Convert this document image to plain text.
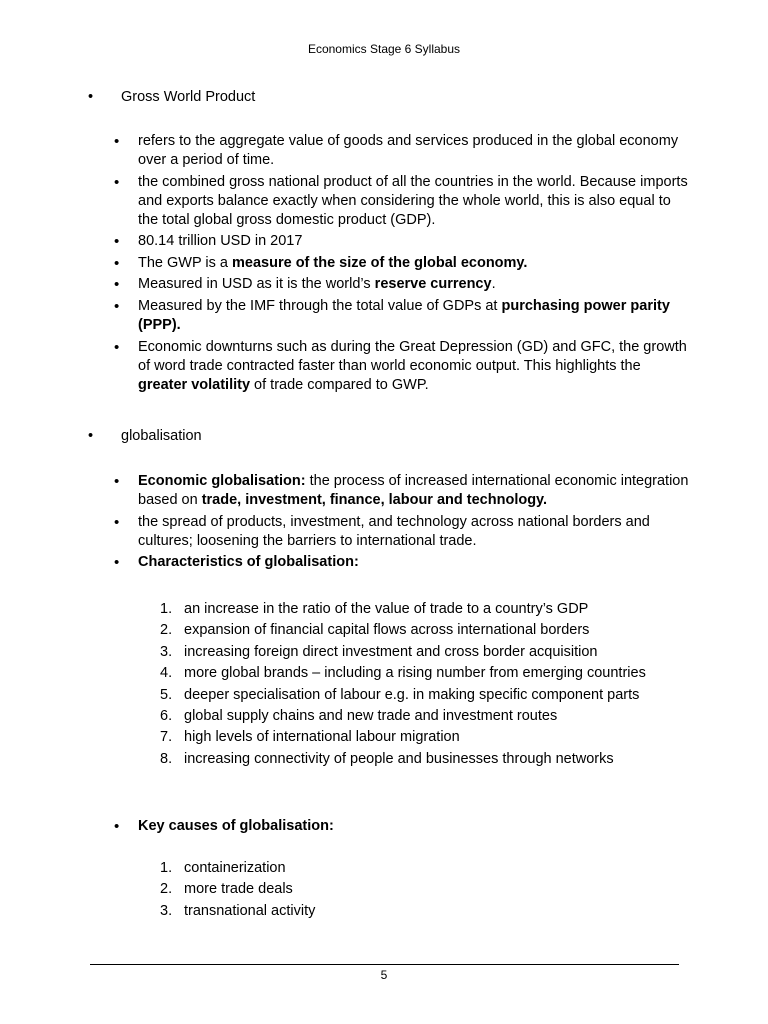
Economics Stage 6 Syllabus
• Gross World Product
• refers to the aggregate value of goods and services produced in the global economy over a period of time.
• the combined gross national product of all the countries in the world. Because imports and exports balance exactly when considering the whole world, this is also equal to the total global gross domestic product (GDP).
• 80.14 trillion USD in 2017
• The GWP is a measure of the size of the global economy.
• Measured in USD as it is the world’s reserve currency.
• Measured by the IMF through the total value of GDPs at purchasing power parity (PPP).
• Economic downturns such as during the Great Depression (GD) and GFC, the growth of word trade contracted faster than world economic output. This highlights the greater volatility of trade compared to GWP.
• globalisation
• Economic globalisation: the process of increased international economic integration based on trade, investment, finance, labour and technology.
• the spread of products, investment, and technology across national borders and cultures; loosening the barriers to international trade.
• Characteristics of globalisation:
1. an increase in the ratio of the value of trade to a country’s GDP
2. expansion of financial capital flows across international borders
3. increasing foreign direct investment and cross border acquisition
4. more global brands – including a rising number from emerging countries
5. deeper specialisation of labour e.g. in making specific component parts
6. global supply chains and new trade and investment routes
7. high levels of international labour migration
8. increasing connectivity of people and businesses through networks
• Key causes of globalisation:
1. containerization
2. more trade deals
3. transnational activity
5
